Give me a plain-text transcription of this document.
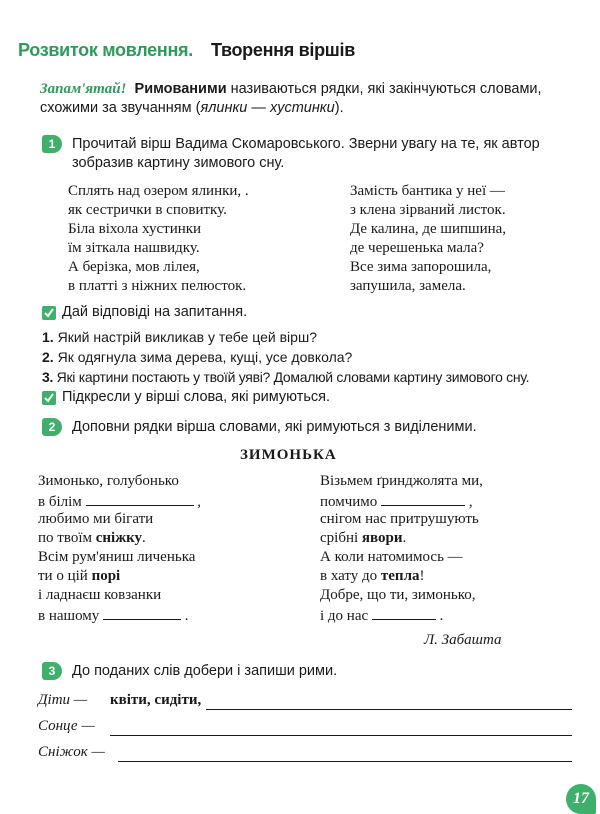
Розвиток мовлення. Творення віршів
Запам'ятай! Римованими називаються рядки, які закінчуються словами, схожими за звучанням (ялинки — хустинки).
1	Прочитай вірш Вадима Скомаровського. Зверни увагу на те, як автор зобразив картину зимового сну.
Сплять над озером ялинки, .
як сестрички в сповитку.
Біла віхола хустинки
їм зіткала нашвидку.
А берізка, мов лілея,
в платті з ніжних пелюсток.
Замість бантика у неї —
з клена зірваний листок.
Де калина, де шипшина,
де черешенька мала?
Все зима запорошила,
запушила, замела.
Дай відповіді на запитання.
1. Який настрій викликав у тебе цей вірш?
2. Як одягнула зима дерева, кущі, усе довкола?
3. Які картини постають у твоїй уяві? Домалюй словами картину зимового сну.
Підкресли у вірші слова, які римуються.
2	Доповни рядки вірша словами, які римуються з виділеними.
ЗИМОНЬКА
Зимонько, голубонько
в білім	,
любимо ми бігати
по твоїм сніжку.
Всім рум'яниш личенька
ти о цій порі
і ладнаєш ковзанки
в нашому	.
Візьмем ґринджолята ми,
помчимо	,
снігом нас притрушують
срібні явори.
А коли натомимось —
в хату до тепла!
Добре, що ти, зимонько,
і до нас	.
Л. Забашта
3	До поданих слів добери і запиши рими.
Діти — квіти, сидіти,
Сонце —
Сніжок —
17
